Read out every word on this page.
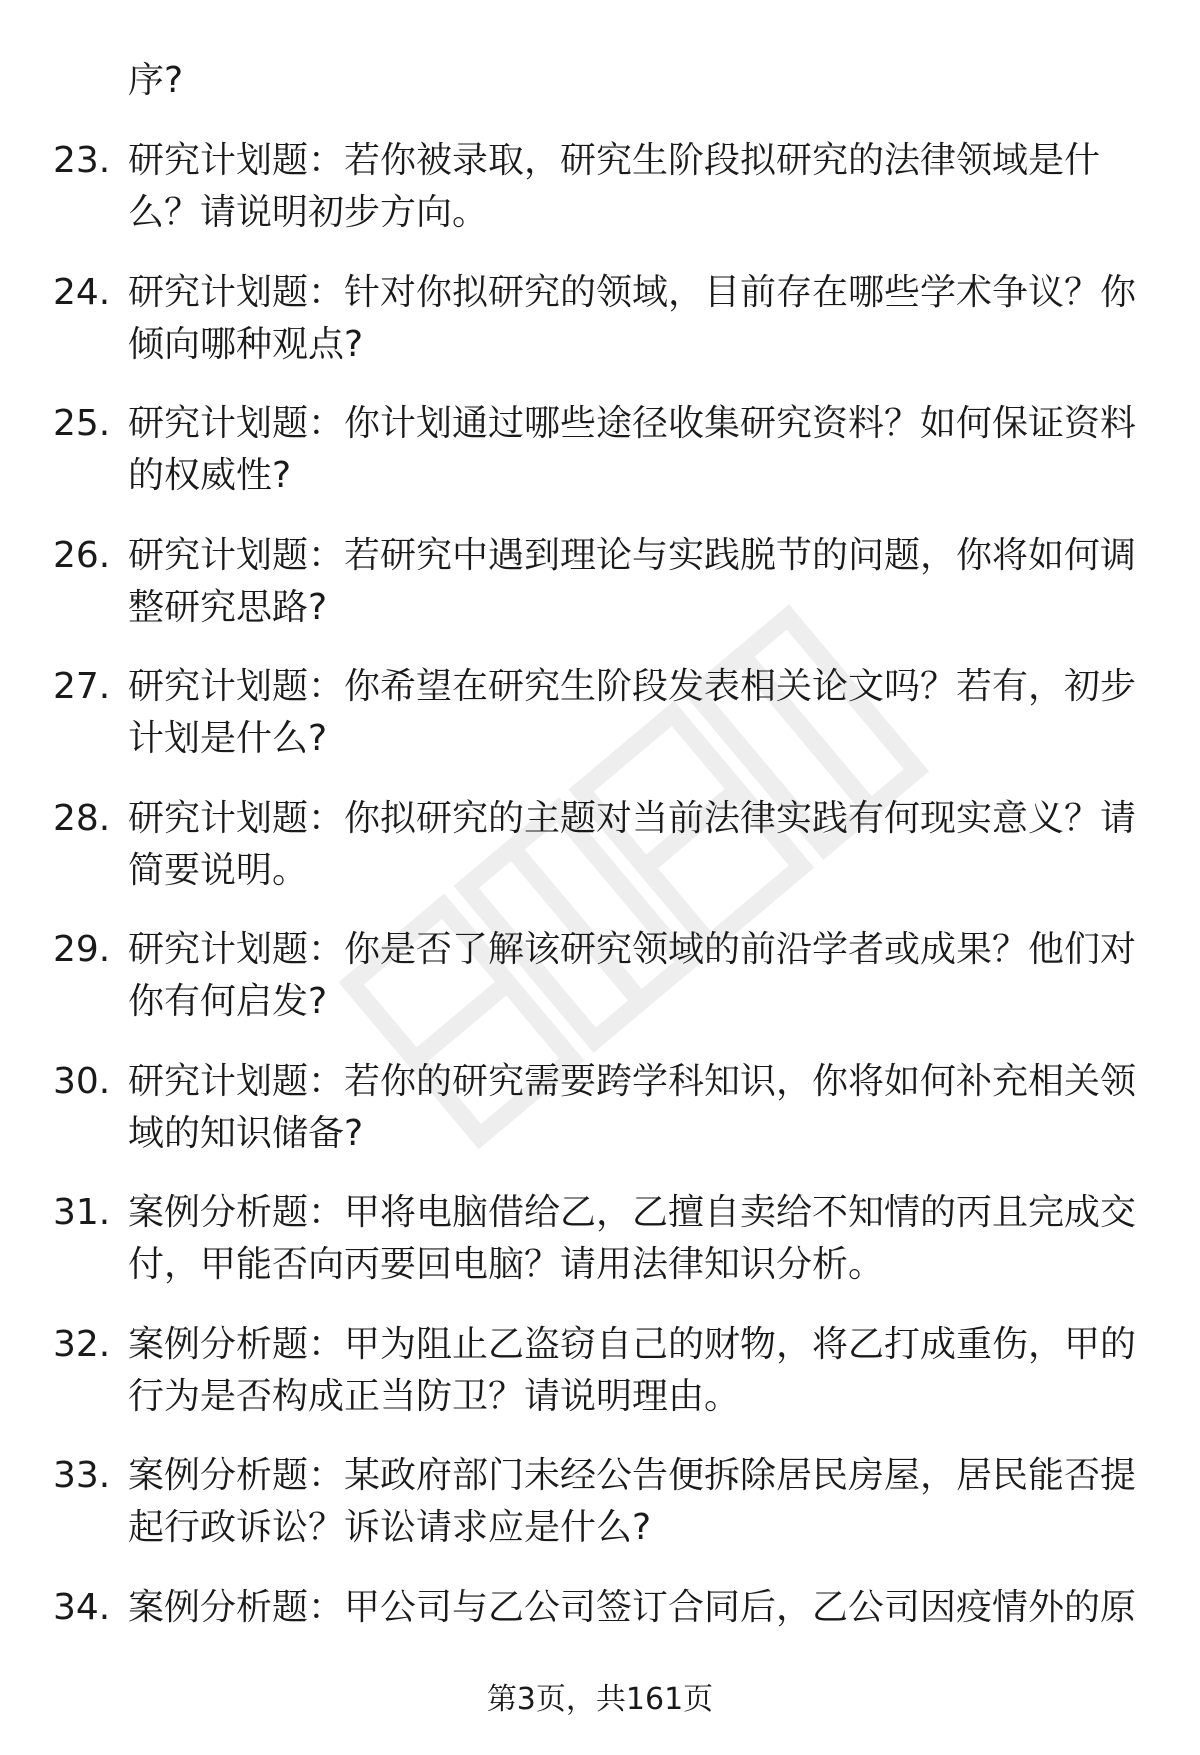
序?

23. 研究计划题：若你被录取，研究生阶段拟研究的法律领域是什么？请说明初步方向。

24. 研究计划题：针对你拟研究的领域，目前存在哪些学术争议？你倾向哪种观点?

25. 研究计划题：你计划通过哪些途径收集研究资料？如何保证资料的权威性?

26. 研究计划题：若研究中遇到理论与实践脱节的问题，你将如何调整研究思路?

27. 研究计划题：你希望在研究生阶段发表相关论文吗？若有，初步计划是什么?

28. 研究计划题：你拟研究的主题对当前法律实践有何现实意义？请简要说明。

29. 研究计划题：你是否了解该研究领域的前沿学者或成果？他们对你有何启发?

30. 研究计划题：若你的研究需要跨学科知识，你将如何补充相关领域的知识储备?

31. 案例分析题：甲将电脑借给乙，乙擅自卖给不知情的丙且完成交付，甲能否向丙要回电脑？请用法律知识分析。

32. 案例分析题：甲为阻止乙盗窃自己的财物，将乙打成重伤，甲的行为是否构成正当防卫？请说明理由。

33. 案例分析题：某政府部门未经公告便拆除居民房屋，居民能否提起行政诉讼？诉讼请求应是什么?

34. 案例分析题：甲公司与乙公司签订合同后，乙公司因疫情外的原

第3页，共161页
